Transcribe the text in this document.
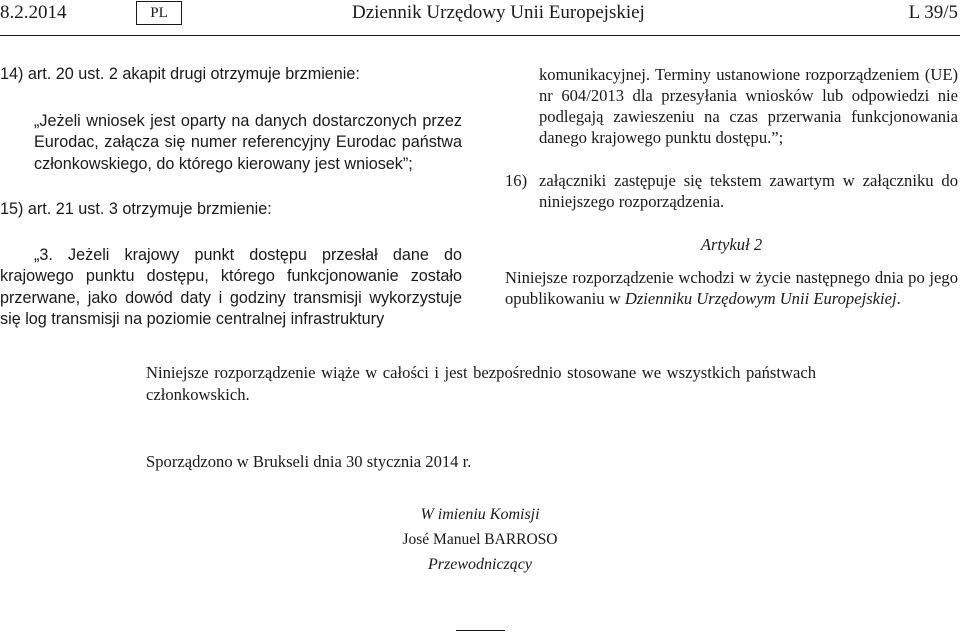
8.2.2014	PL	Dziennik Urzędowy Unii Europejskiej	L 39/5

14) art. 20 ust. 2 akapit drugi otrzymuje brzmienie:

„Jeżeli wniosek jest oparty na danych dostarczonych przez Eurodac, załącza się numer referencyjny Eurodac państwa członkowskiego, do którego kierowany jest wniosek”;

15) art. 21 ust. 3 otrzymuje brzmienie:

„3. Jeżeli krajowy punkt dostępu przesłał dane do krajowego punktu dostępu, którego funkcjonowanie zostało przerwane, jako dowód daty i godziny transmisji wykorzystuje się log transmisji na poziomie centralnej infrastruktury

komunikacyjnej. Terminy ustanowione rozporządzeniem (UE) nr 604/2013 dla przesyłania wniosków lub odpowiedzi nie podlegają zawieszeniu na czas przerwania funkcjonowania danego krajowego punktu dostępu.”;

16) załączniki zastępuje się tekstem zawartym w załączniku do niniejszego rozporządzenia.

Artykuł 2

Niniejsze rozporządzenie wchodzi w życie następnego dnia po jego opublikowaniu w Dzienniku Urzędowym Unii Europejskiej.

Niniejsze rozporządzenie wiąże w całości i jest bezpośrednio stosowane we wszystkich państwach członkowskich.

Sporządzono w Brukseli dnia 30 stycznia 2014 r.
W imieniu Komisji
José Manuel BARROSO
Przewodniczący
